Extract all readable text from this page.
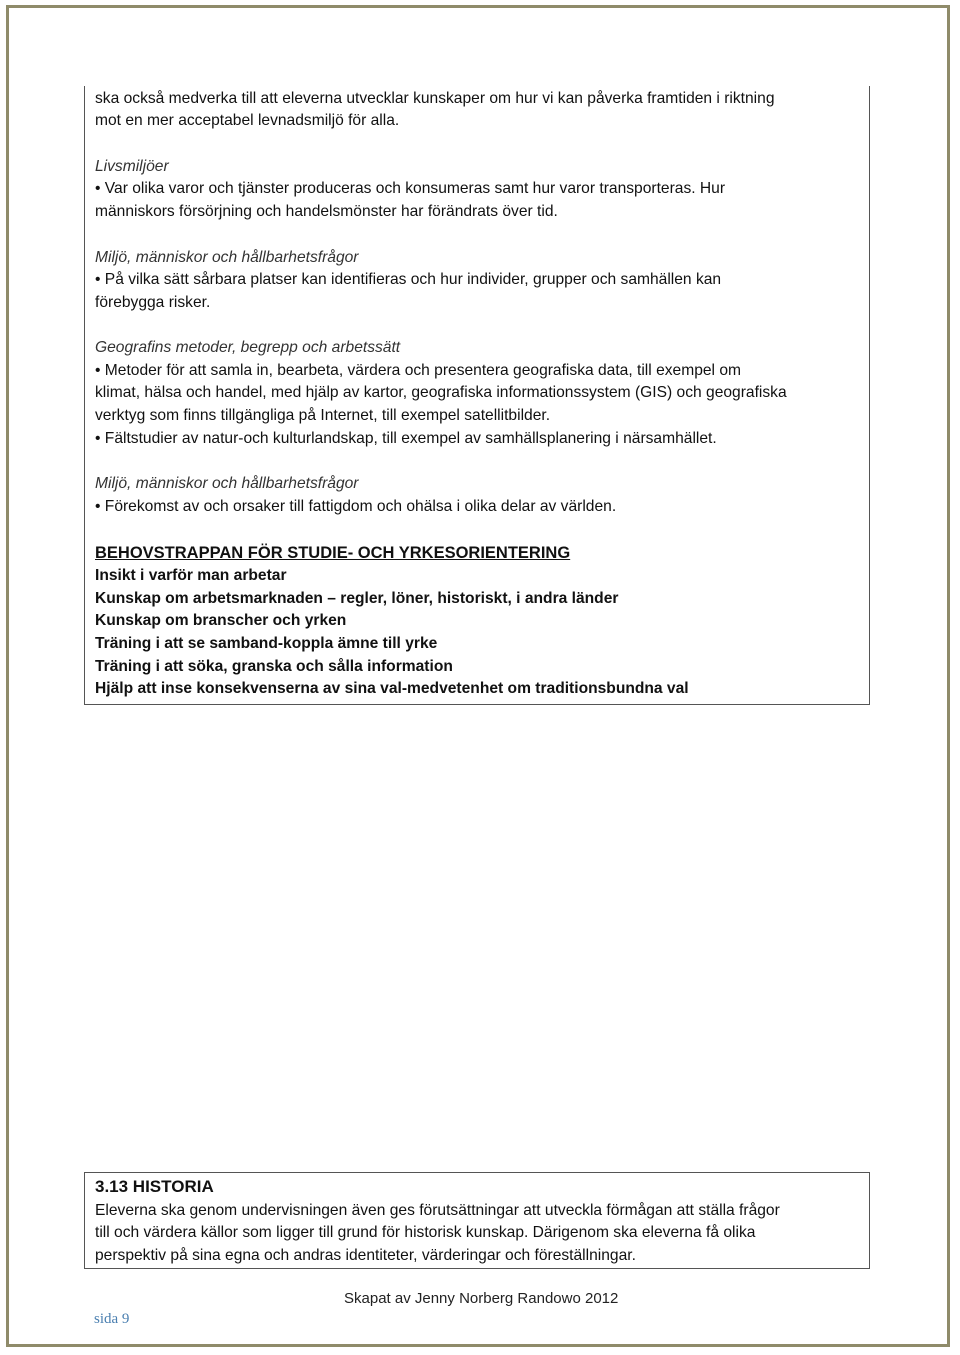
ska också medverka till att eleverna utvecklar kunskaper om hur vi kan påverka framtiden i riktning

mot en mer acceptabel levnadsmiljö för alla.

Livsmiljöer

• Var olika varor och tjänster produceras och konsumeras samt hur varor transporteras. Hur

människors försörjning och handelsmönster har förändrats över tid.

Miljö, människor och hållbarhetsfrågor

• På vilka sätt sårbara platser kan identifieras och hur individer, grupper och samhällen kan

förebygga risker.

Geografins metoder, begrepp och arbetssätt

• Metoder för att samla in, bearbeta, värdera och presentera geografiska data, till exempel om

klimat, hälsa och handel, med hjälp av kartor, geografiska informationssystem (GIS) och geografiska

verktyg som finns tillgängliga på Internet, till exempel satellitbilder.

• Fältstudier av natur-och kulturlandskap, till exempel av samhällsplanering i närsamhället.

Miljö, människor och hållbarhetsfrågor

• Förekomst av och orsaker till fattigdom och ohälsa i olika delar av världen.

BEHOVSTRAPPAN FÖR STUDIE- OCH YRKESORIENTERING

Insikt i varför man arbetar

Kunskap om arbetsmarknaden – regler, löner, historiskt, i andra länder

Kunskap om branscher och yrken

Träning i att se samband-koppla ämne till yrke

Träning i att söka, granska och sålla information

Hjälp att inse konsekvenserna av sina val-medvetenhet om traditionsbundna val

3.13 HISTORIA

Eleverna ska genom undervisningen även ges förutsättningar att utveckla förmågan att ställa frågor

till och värdera källor som ligger till grund för historisk kunskap. Därigenom ska eleverna få olika

perspektiv på sina egna och andras identiteter, värderingar och föreställningar.

Skapat av Jenny Norberg Randowo 2012
sida 9
